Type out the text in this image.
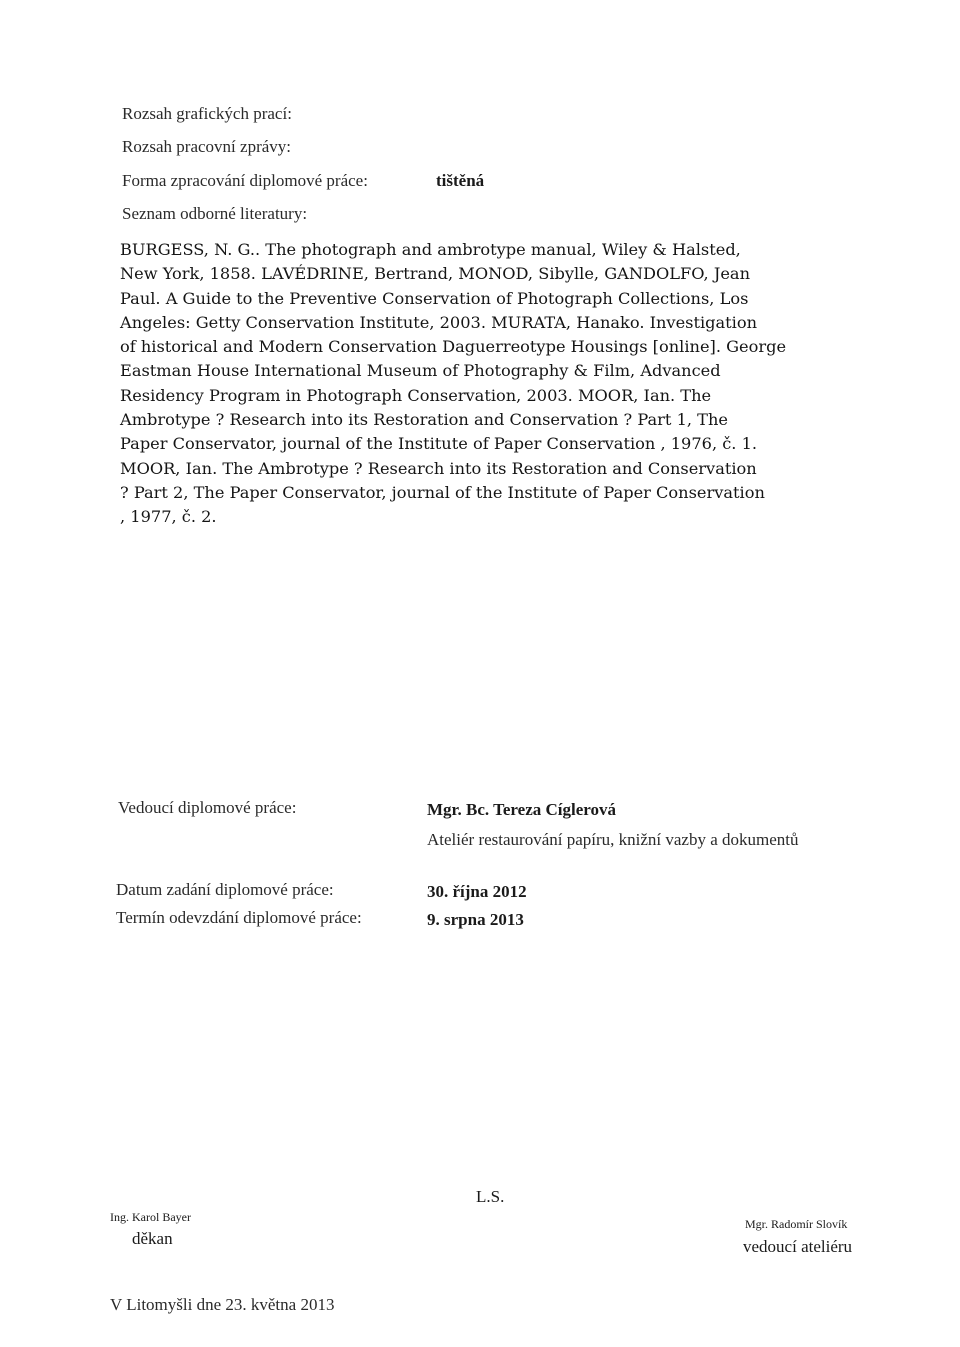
Rozsah grafických prací:
Rozsah pracovní zprávy:
Forma zpracování diplomové práce:	tištěná
Seznam odborné literatury:
BURGESS, N. G.. The photograph and ambrotype manual, Wiley & Halsted,
New York, 1858. LAVÉDRINE, Bertrand, MONOD, Sibylle, GANDOLFO, Jean
Paul. A Guide to the Preventive Conservation of Photograph Collections, Los
Angeles: Getty Conservation Institute, 2003. MURATA, Hanako. Investigation
of historical and Modern Conservation Daguerreotype Housings [online]. George
Eastman House International Museum of Photography & Film, Advanced
Residency Program in Photograph Conservation, 2003. MOOR, Ian. The
Ambrotype ? Research into its Restoration and Conservation ? Part 1, The
Paper Conservator, journal of the Institute of Paper Conservation , 1976, č. 1.
MOOR, Ian. The Ambrotype ? Research into its Restoration and Conservation
? Part 2, The Paper Conservator, journal of the Institute of Paper Conservation
, 1977, č. 2.
Vedoucí diplomové práce:	Mgr. Bc. Tereza Cíglerová
Ateliér restaurování papíru, knižní vazby a dokumentů
Datum zadání diplomové práce:	30. října 2012
Termín odevzdání diplomové práce:	9. srpna 2013
L.S.
Ing. Karol Bayer
děkan
Mgr. Radomír Slovík
vedoucí ateliéru
V Litomyšli dne 23. května 2013
